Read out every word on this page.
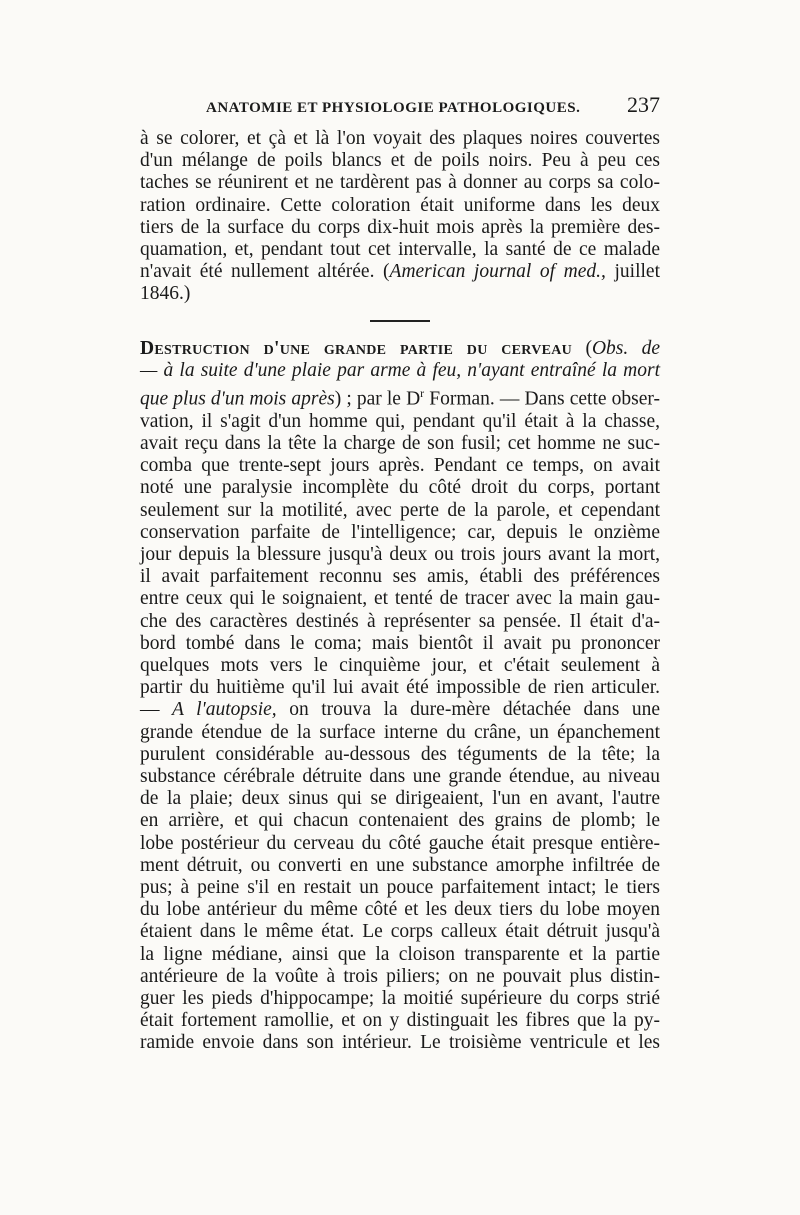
ANATOMIE ET PHYSIOLOGIE PATHOLOGIQUES. 237
à se colorer, et çà et là l'on voyait des plaques noires couvertes
d'un mélange de poils blancs et de poils noirs. Peu à peu ces
taches se réunirent et ne tardèrent pas à donner au corps sa colo-
ration ordinaire. Cette coloration était uniforme dans les deux
tiers de la surface du corps dix-huit mois après la première des-
quamation, et, pendant tout cet intervalle, la santé de ce malade
n'avait été nullement altérée. (American journal of med., juillet
1846.)
Destruction d'une grande partie du cerveau (Obs. de
— à la suite d'une plaie par arme à feu, n'ayant entraîné la mort
que plus d'un mois après) ; par le $D^r$ Forman. — Dans cette obser-
vation, il s'agit d'un homme qui, pendant qu'il était à la chasse,
avait reçu dans la tête la charge de son fusil; cet homme ne suc-
comba que trente-sept jours après. Pendant ce temps, on avait
noté une paralysie incomplète du côté droit du corps, portant
seulement sur la motilité, avec perte de la parole, et cependant
conservation parfaite de l'intelligence; car, depuis le onzième
jour depuis la blessure jusqu'à deux ou trois jours avant la mort,
il avait parfaitement reconnu ses amis, établi des préférences
entre ceux qui le soignaient, et tenté de tracer avec la main gau-
che des caractères destinés à représenter sa pensée. Il était d'a-
bord tombé dans le coma; mais bientôt il avait pu prononcer
quelques mots vers le cinquième jour, et c'était seulement à
partir du huitième qu'il lui avait été impossible de rien articuler.
— A l'autopsie, on trouva la dure-mère détachée dans une
grande étendue de la surface interne du crâne, un épanchement
purulent considérable au-dessous des téguments de la tête; la
substance cérébrale détruite dans une grande étendue, au niveau
de la plaie; deux sinus qui se dirigeaient, l'un en avant, l'autre
en arrière, et qui chacun contenaient des grains de plomb; le
lobe postérieur du cerveau du côté gauche était presque entière-
ment détruit, ou converti en une substance amorphe infiltrée de
pus; à peine s'il en restait un pouce parfaitement intact; le tiers
du lobe antérieur du même côté et les deux tiers du lobe moyen
étaient dans le même état. Le corps calleux était détruit jusqu'à
la ligne médiane, ainsi que la cloison transparente et la partie
antérieure de la voûte à trois piliers; on ne pouvait plus distin-
guer les pieds d'hippocampe; la moitié supérieure du corps strié
était fortement ramollie, et on y distinguait les fibres que la py-
ramide envoie dans son intérieur. Le troisième ventricule et les
